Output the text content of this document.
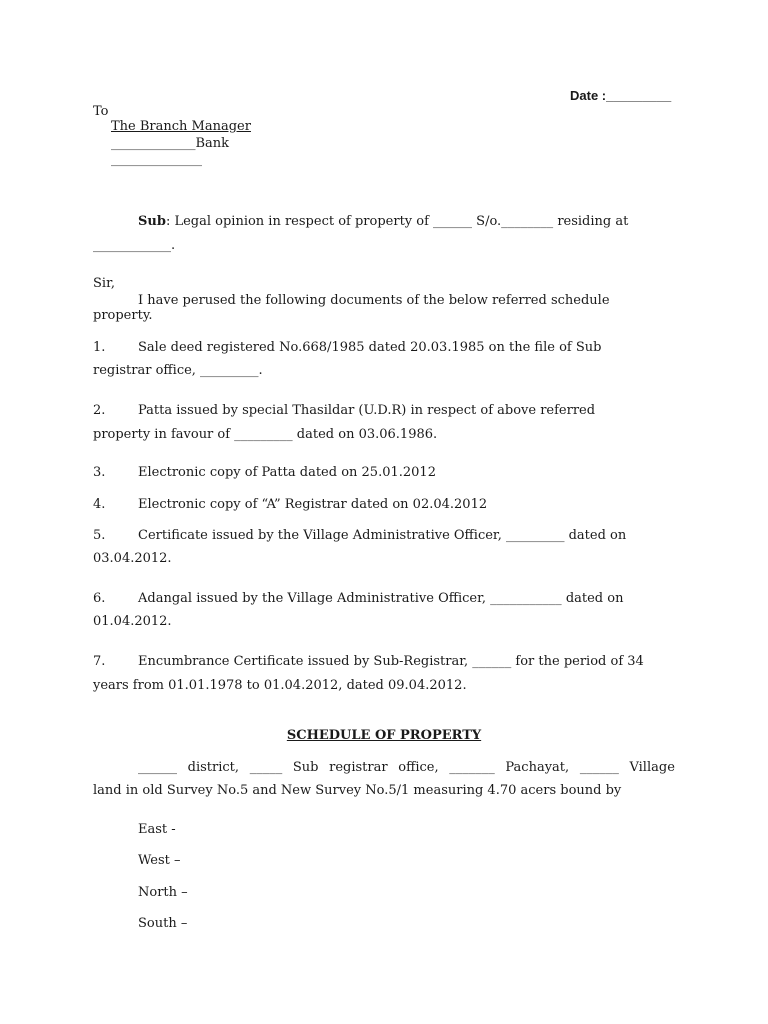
Date :_________
To
The Branch Manager
_____________Bank
______________
Sub: Legal opinion in respect of property of ______ S/o.________ residing at
____________.
Sir,
I have perused the following documents of the below referred schedule
property.
1.	Sale deed registered No.668/1985 dated 20.03.1985 on the file of Sub
registrar office, _________.
2.	Patta issued by special Thasildar (U.D.R) in respect of above referred
property in favour of _________ dated on 03.06.1986.
3.	Electronic copy of Patta dated on 25.01.2012
4.	Electronic copy of “A” Registrar dated on 02.04.2012
5.	Certificate issued by the Village Administrative Officer, _________ dated on
03.04.2012.
6.	Adangal issued by the Village Administrative Officer, ___________ dated on
01.04.2012.
7.	Encumbrance Certificate issued by Sub-Registrar, ______ for the period of 34
years from 01.01.1978 to 01.04.2012, dated 09.04.2012.
SCHEDULE OF PROPERTY
______ district, _____ Sub registrar office, _______ Pachayat, ______ Village
land in old Survey No.5 and New Survey No.5/1 measuring 4.70 acers bound by
East -
West –
North –
South –
